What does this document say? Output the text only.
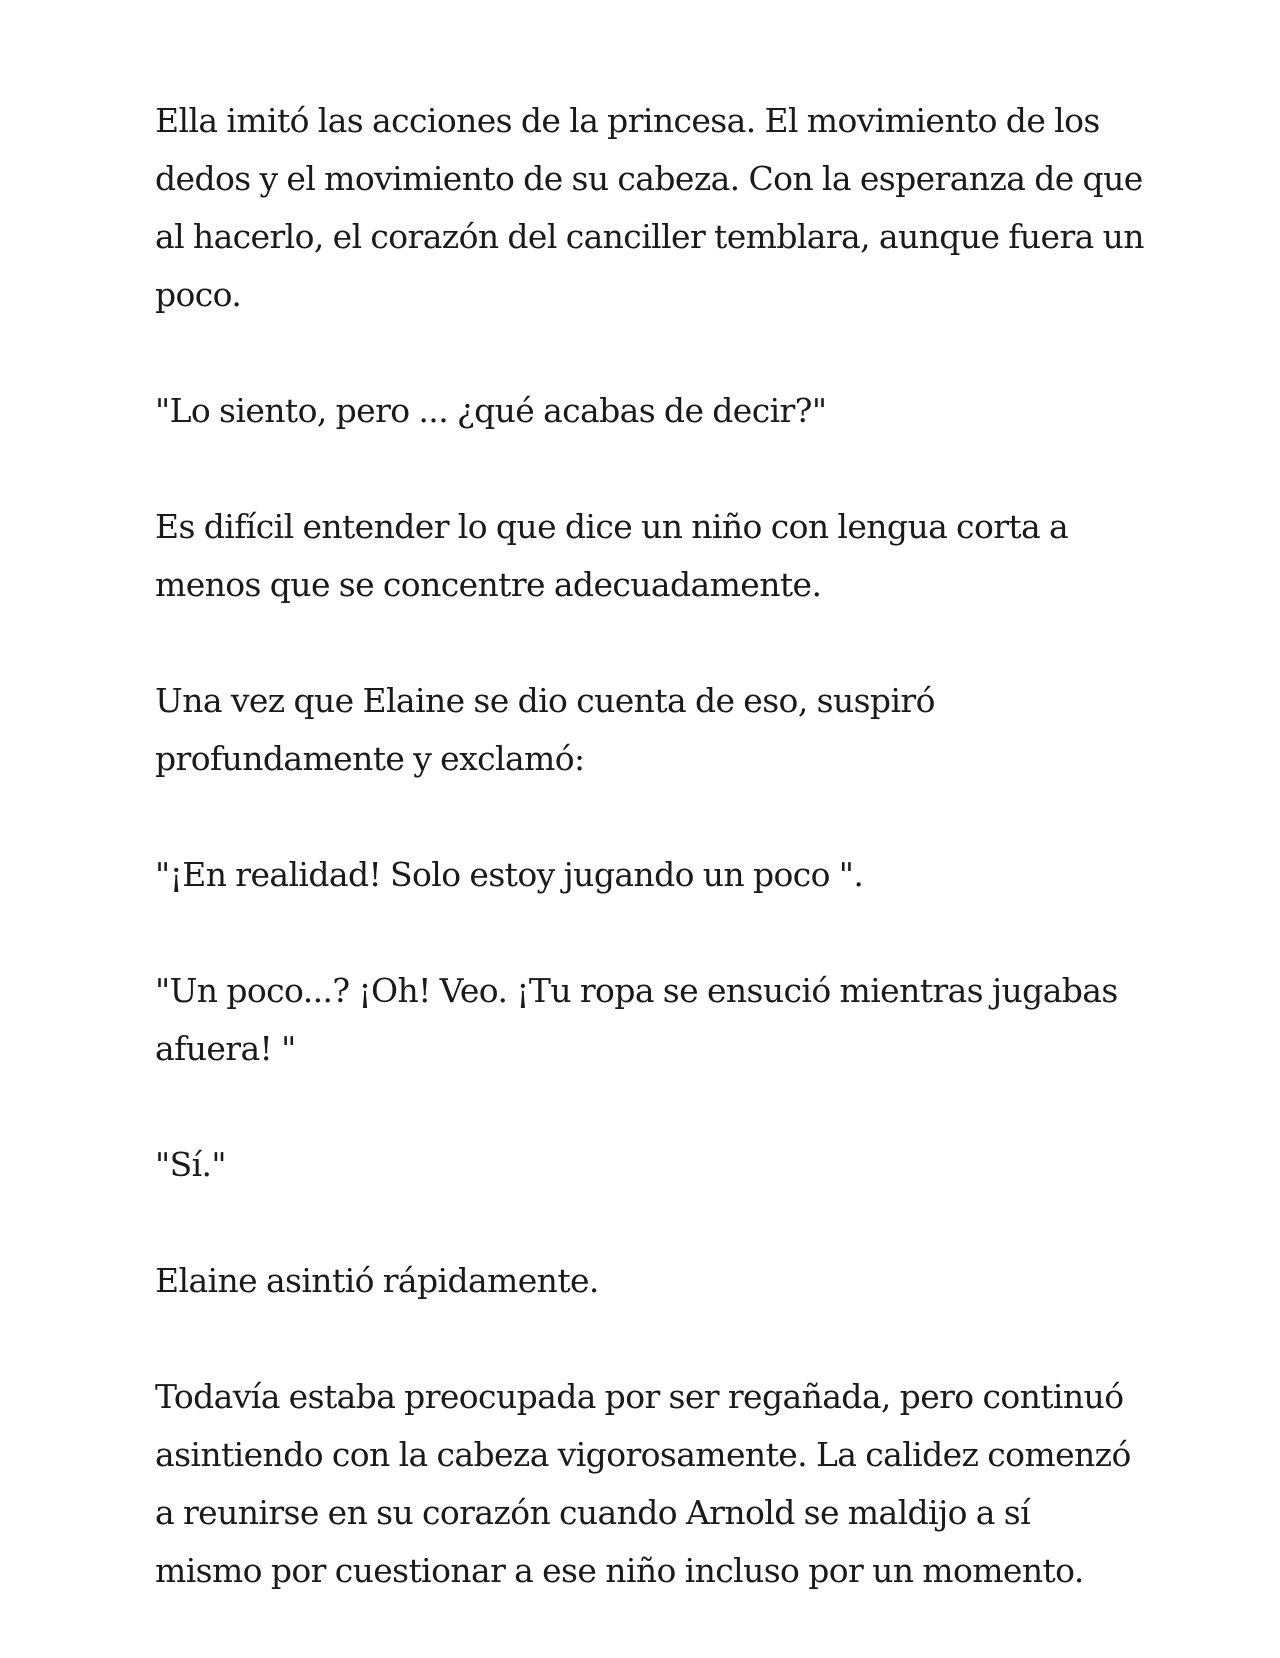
Ella imitó las acciones de la princesa. El movimiento de los dedos y el movimiento de su cabeza. Con la esperanza de que al hacerlo, el corazón del canciller temblara, aunque fuera un poco.

"Lo siento, pero ... ¿qué acabas de decir?"

Es difícil entender lo que dice un niño con lengua corta a menos que se concentre adecuadamente.

Una vez que Elaine se dio cuenta de eso, suspiró profundamente y exclamó:

"¡En realidad! Solo estoy jugando un poco ".

"Un poco...? ¡Oh! Veo. ¡Tu ropa se ensució mientras jugabas afuera! "

"Sí."

Elaine asintió rápidamente.

Todavía estaba preocupada por ser regañada, pero continuó asintiendo con la cabeza vigorosamente. La calidez comenzó a reunirse en su corazón cuando Arnold se maldijo a sí mismo por cuestionar a ese niño incluso por un momento.
